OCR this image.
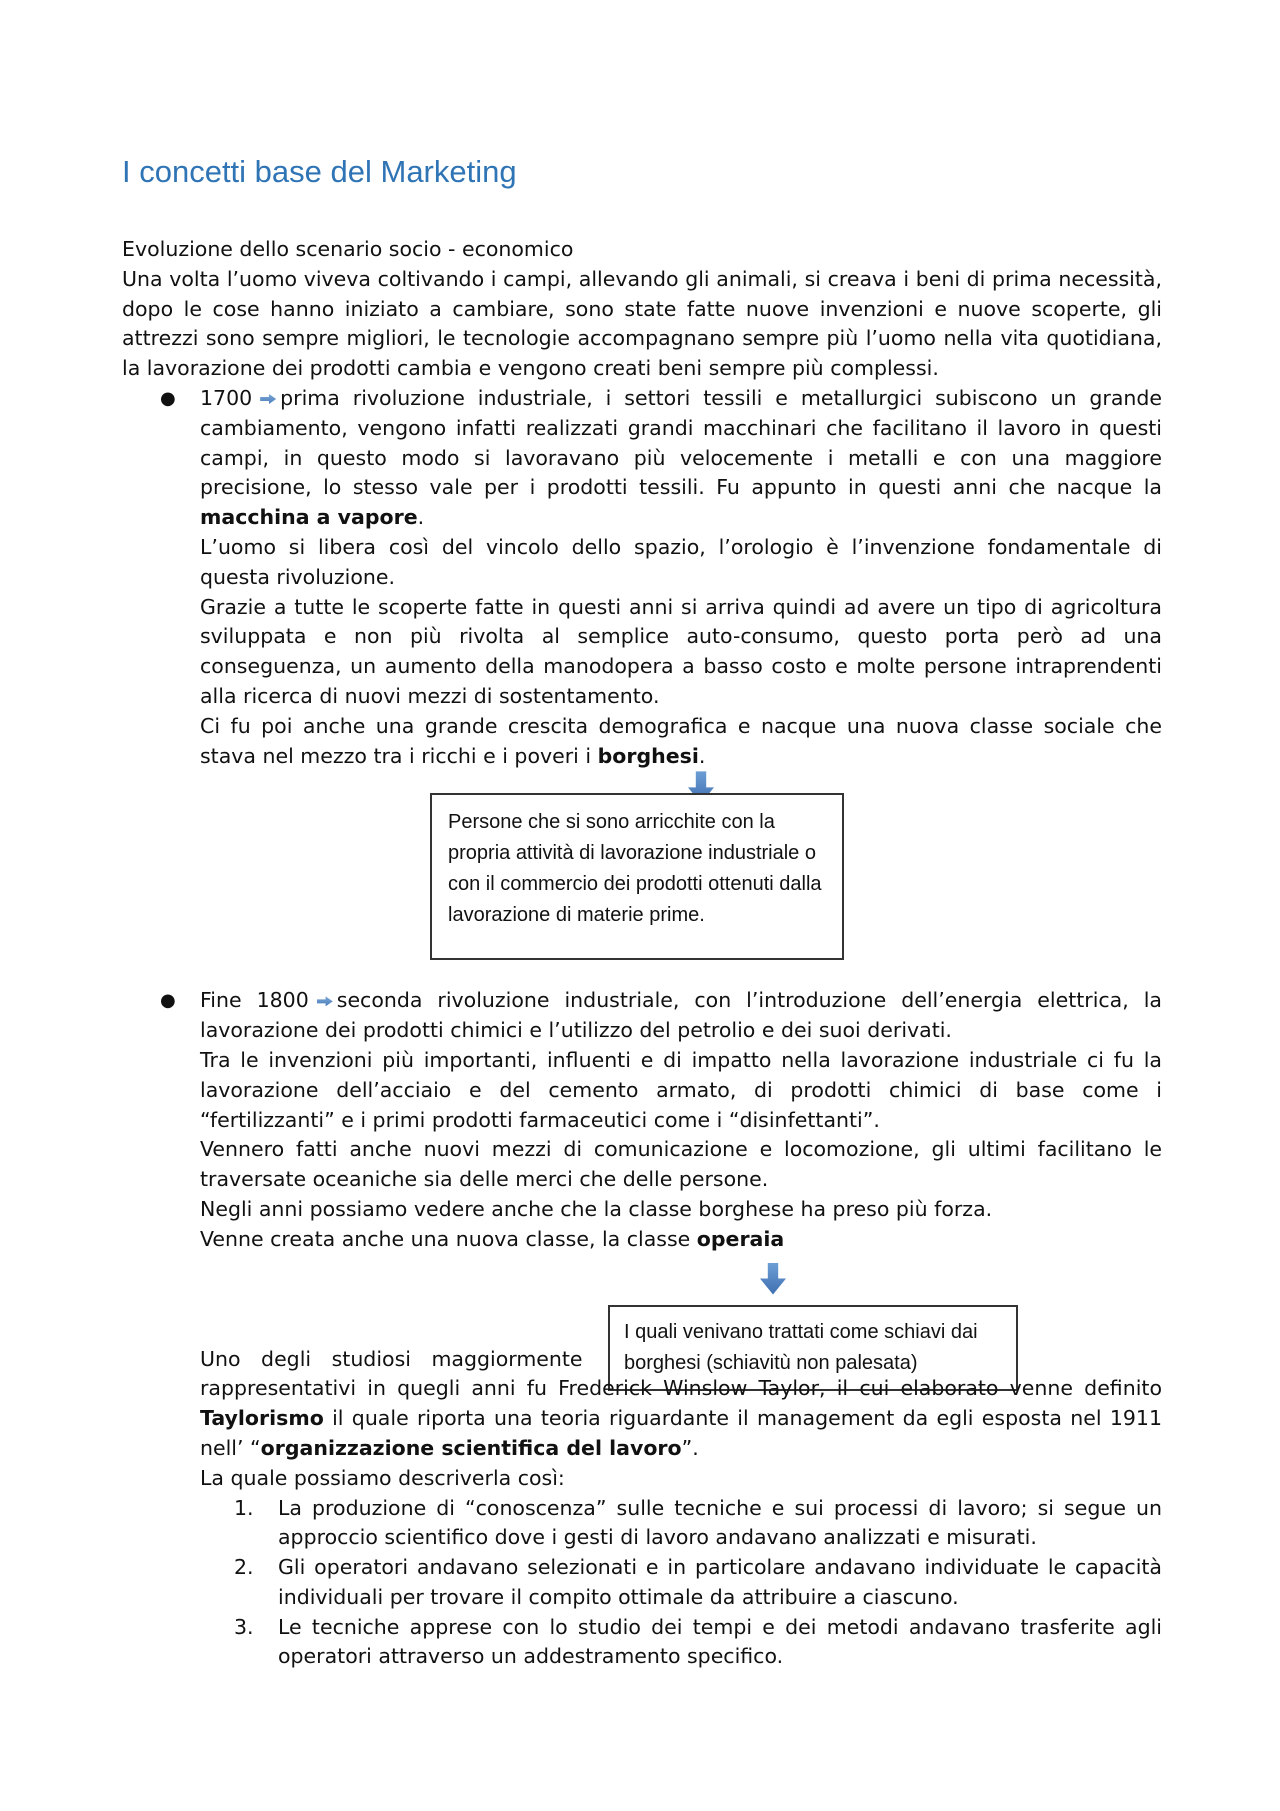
I concetti base del Marketing

Evoluzione dello scenario socio - economico

Una volta l’uomo viveva coltivando i campi, allevando gli animali, si creava i beni di prima necessità, dopo le cose hanno iniziato a cambiare, sono state fatte nuove invenzioni e nuove scoperte, gli attrezzi sono sempre migliori, le tecnologie accompagnano sempre più l’uomo nella vita quotidiana, la lavorazione dei prodotti cambia e vengono creati beni sempre più complessi.

● 1700 prima rivoluzione industriale, i settori tessili e metallurgici subiscono un grande cambiamento, vengono infatti realizzati grandi macchinari che facilitano il lavoro in questi campi, in questo modo si lavoravano più velocemente i metalli e con una maggiore precisione, lo stesso vale per i prodotti tessili. Fu appunto in questi anni che nacque la macchina a vapore.

L’uomo si libera così del vincolo dello spazio, l’orologio è l’invenzione fondamentale di questa rivoluzione.

Grazie a tutte le scoperte fatte in questi anni si arriva quindi ad avere un tipo di agricoltura sviluppata e non più rivolta al semplice auto-consumo, questo porta però ad una conseguenza, un aumento della manodopera a basso costo e molte persone intraprendenti alla ricerca di nuovi mezzi di sostentamento.

Ci fu poi anche una grande crescita demografica e nacque una nuova classe sociale che stava nel mezzo tra i ricchi e i poveri i borghesi.

Persone che si sono arricchite con la propria attività di lavorazione industriale o con il commercio dei prodotti ottenuti dalla lavorazione di materie prime.
● Fine 1800 seconda rivoluzione industriale, con l’introduzione dell’energia elettrica, la lavorazione dei prodotti chimici e l’utilizzo del petrolio e dei suoi derivati.

Tra le invenzioni più importanti, influenti e di impatto nella lavorazione industriale ci fu la lavorazione dell’acciaio e del cemento armato, di prodotti chimici di base come i “fertilizzanti” e i primi prodotti farmaceutici come i “disinfettanti”.

Vennero fatti anche nuovi mezzi di comunicazione e locomozione, gli ultimi facilitano le traversate oceaniche sia delle merci che delle persone.

Negli anni possiamo vedere anche che la classe borghese ha preso più forza.

Venne creata anche una nuova classe, la classe operaia

I quali venivano trattati come schiavi dai borghesi (schiavitù non palesata)

Uno degli studiosi maggiormente

rappresentativi in quegli anni fu Frederick Winslow Taylor, il cui elaborato venne definito Taylorismo il quale riporta una teoria riguardante il management da egli esposta nel 1911 nell’ “organizzazione scientifica del lavoro”.

La quale possiamo descriverla così:

1. La produzione di “conoscenza” sulle tecniche e sui processi di lavoro; si segue un approccio scientifico dove i gesti di lavoro andavano analizzati e misurati.
2. Gli operatori andavano selezionati e in particolare andavano individuate le capacità individuali per trovare il compito ottimale da attribuire a ciascuno.
3. Le tecniche apprese con lo studio dei tempi e dei metodi andavano trasferite agli operatori attraverso un addestramento specifico.
